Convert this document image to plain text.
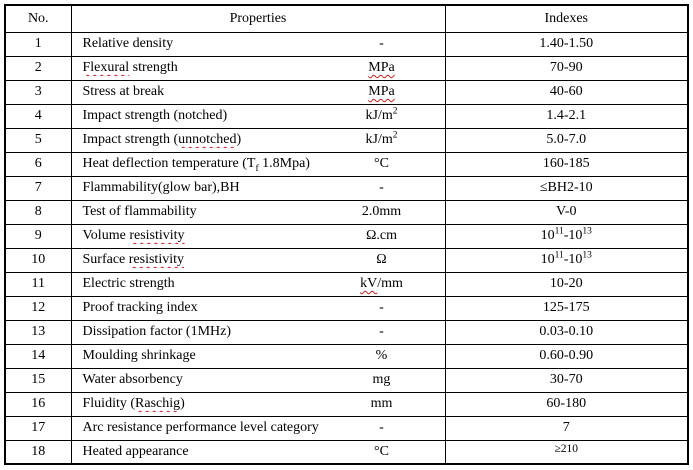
No.	Properties	Indexes
1	Relative density -	1.40-1.50
2	Flexural strength MPa	70-90
3	Stress at break MPa	40-60
4	Impact strength (notched) $kJ/m^2$	1.4-2.1
5	Impact strength (unnotched) $kJ/m^2$	5.0-7.0
6	Heat deflection temperature ($T_f$ 1.8Mpa) °C	160-185
7	Flammability(glow bar),BH -	≤BH2-10
8	Test of flammability 2.0mm	V-0
9	Volume resistivity Ω.cm	$10^{11}-10^{13}$
10	Surface resistivity Ω	$10^{11}-10^{13}$
11	Electric strength kV/mm	10-20
12	Proof tracking index -	125-175
13	Dissipation factor (1MHz) -	0.03-0.10
14	Moulding shrinkage %	0.60-0.90
15	Water absorbency mg	30-70
16	Fluidity (Raschig) mm	60-180
17	Arc resistance performance level category -	7
18	Heated appearance °C	≥210
